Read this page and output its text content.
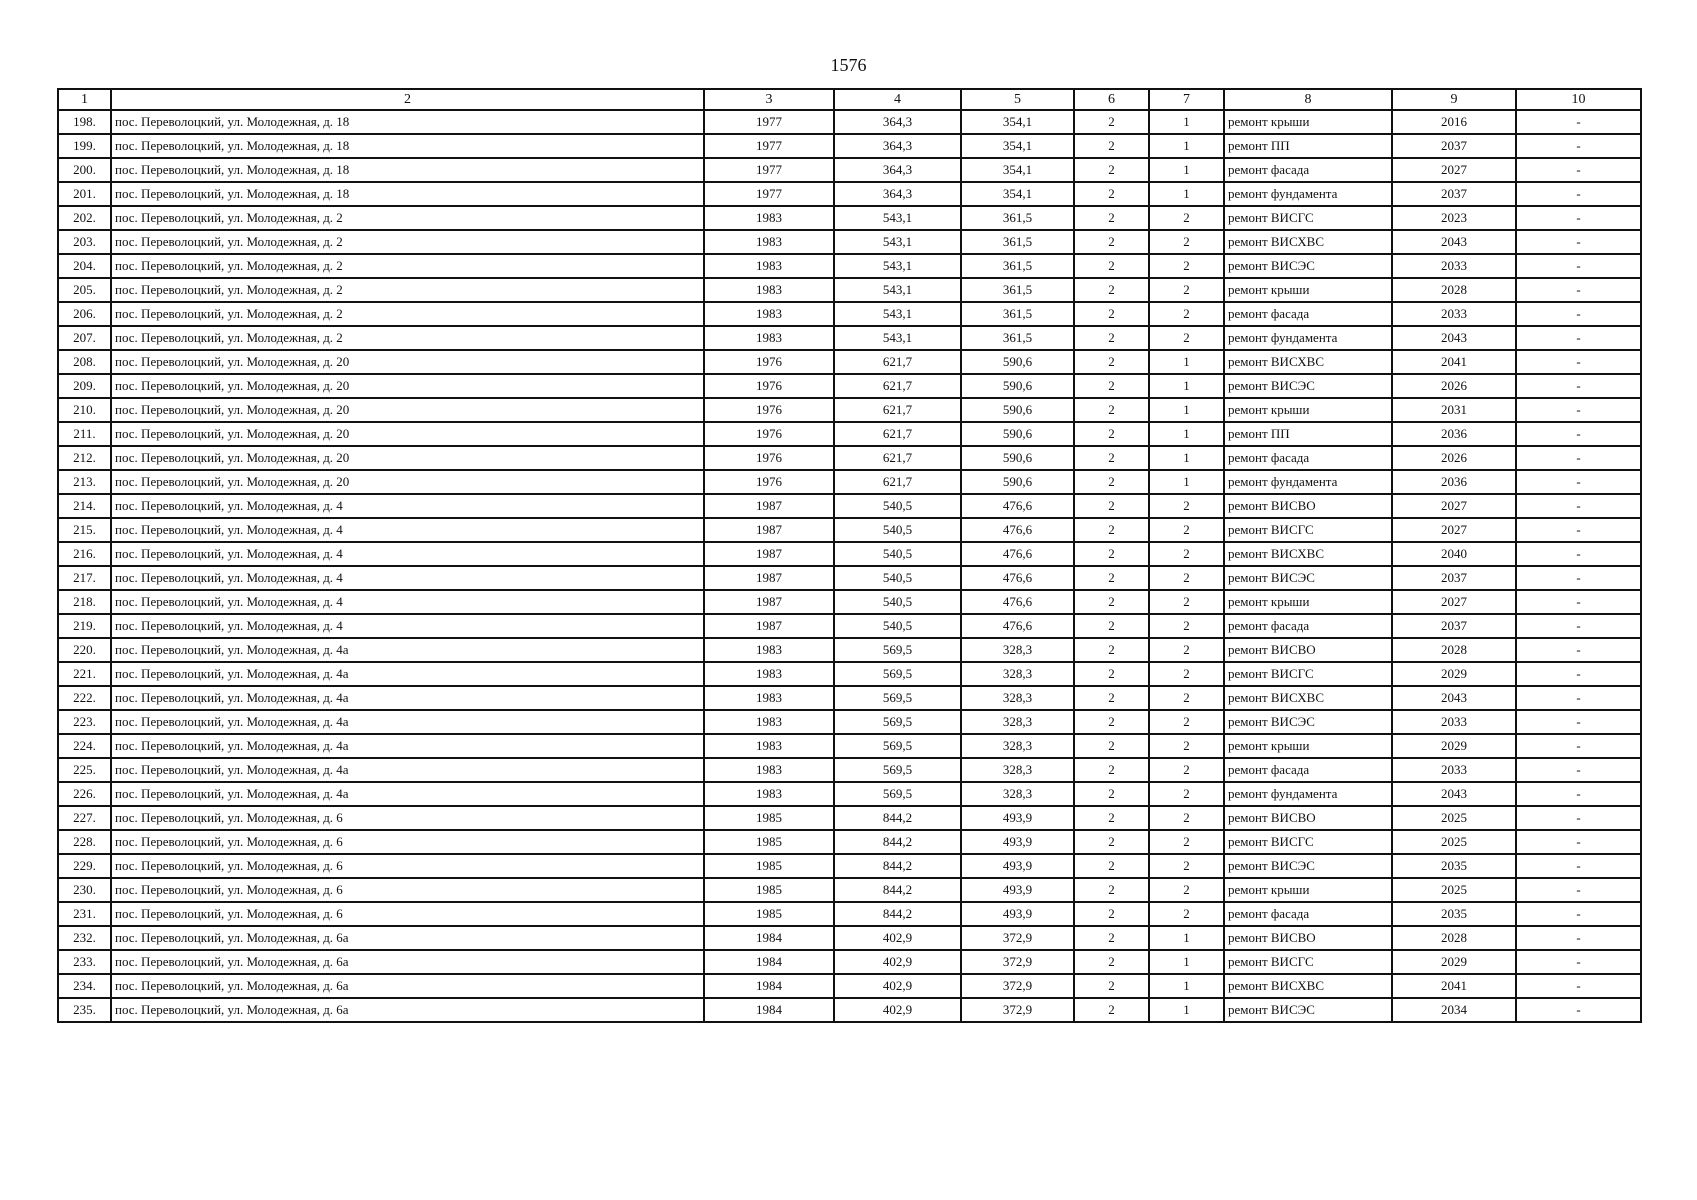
1576
1	2	3	4	5	6	7	8	9	10
198.	пос. Переволоцкий, ул. Молодежная, д. 18	1977	364,3	354,1	2	1	ремонт крыши	2016	-
199.	пос. Переволоцкий, ул. Молодежная, д. 18	1977	364,3	354,1	2	1	ремонт ПП	2037	-
200.	пос. Переволоцкий, ул. Молодежная, д. 18	1977	364,3	354,1	2	1	ремонт фасада	2027	-
201.	пос. Переволоцкий, ул. Молодежная, д. 18	1977	364,3	354,1	2	1	ремонт фундамента	2037	-
202.	пос. Переволоцкий, ул. Молодежная, д. 2	1983	543,1	361,5	2	2	ремонт ВИСГС	2023	-
203.	пос. Переволоцкий, ул. Молодежная, д. 2	1983	543,1	361,5	2	2	ремонт ВИСХВС	2043	-
204.	пос. Переволоцкий, ул. Молодежная, д. 2	1983	543,1	361,5	2	2	ремонт ВИСЭС	2033	-
205.	пос. Переволоцкий, ул. Молодежная, д. 2	1983	543,1	361,5	2	2	ремонт крыши	2028	-
206.	пос. Переволоцкий, ул. Молодежная, д. 2	1983	543,1	361,5	2	2	ремонт фасада	2033	-
207.	пос. Переволоцкий, ул. Молодежная, д. 2	1983	543,1	361,5	2	2	ремонт фундамента	2043	-
208.	пос. Переволоцкий, ул. Молодежная, д. 20	1976	621,7	590,6	2	1	ремонт ВИСХВС	2041	-
209.	пос. Переволоцкий, ул. Молодежная, д. 20	1976	621,7	590,6	2	1	ремонт ВИСЭС	2026	-
210.	пос. Переволоцкий, ул. Молодежная, д. 20	1976	621,7	590,6	2	1	ремонт крыши	2031	-
211.	пос. Переволоцкий, ул. Молодежная, д. 20	1976	621,7	590,6	2	1	ремонт ПП	2036	-
212.	пос. Переволоцкий, ул. Молодежная, д. 20	1976	621,7	590,6	2	1	ремонт фасада	2026	-
213.	пос. Переволоцкий, ул. Молодежная, д. 20	1976	621,7	590,6	2	1	ремонт фундамента	2036	-
214.	пос. Переволоцкий, ул. Молодежная, д. 4	1987	540,5	476,6	2	2	ремонт ВИСВО	2027	-
215.	пос. Переволоцкий, ул. Молодежная, д. 4	1987	540,5	476,6	2	2	ремонт ВИСГС	2027	-
216.	пос. Переволоцкий, ул. Молодежная, д. 4	1987	540,5	476,6	2	2	ремонт ВИСХВС	2040	-
217.	пос. Переволоцкий, ул. Молодежная, д. 4	1987	540,5	476,6	2	2	ремонт ВИСЭС	2037	-
218.	пос. Переволоцкий, ул. Молодежная, д. 4	1987	540,5	476,6	2	2	ремонт крыши	2027	-
219.	пос. Переволоцкий, ул. Молодежная, д. 4	1987	540,5	476,6	2	2	ремонт фасада	2037	-
220.	пос. Переволоцкий, ул. Молодежная, д. 4а	1983	569,5	328,3	2	2	ремонт ВИСВО	2028	-
221.	пос. Переволоцкий, ул. Молодежная, д. 4а	1983	569,5	328,3	2	2	ремонт ВИСГС	2029	-
222.	пос. Переволоцкий, ул. Молодежная, д. 4а	1983	569,5	328,3	2	2	ремонт ВИСХВС	2043	-
223.	пос. Переволоцкий, ул. Молодежная, д. 4а	1983	569,5	328,3	2	2	ремонт ВИСЭС	2033	-
224.	пос. Переволоцкий, ул. Молодежная, д. 4а	1983	569,5	328,3	2	2	ремонт крыши	2029	-
225.	пос. Переволоцкий, ул. Молодежная, д. 4а	1983	569,5	328,3	2	2	ремонт фасада	2033	-
226.	пос. Переволоцкий, ул. Молодежная, д. 4а	1983	569,5	328,3	2	2	ремонт фундамента	2043	-
227.	пос. Переволоцкий, ул. Молодежная, д. 6	1985	844,2	493,9	2	2	ремонт ВИСВО	2025	-
228.	пос. Переволоцкий, ул. Молодежная, д. 6	1985	844,2	493,9	2	2	ремонт ВИСГС	2025	-
229.	пос. Переволоцкий, ул. Молодежная, д. 6	1985	844,2	493,9	2	2	ремонт ВИСЭС	2035	-
230.	пос. Переволоцкий, ул. Молодежная, д. 6	1985	844,2	493,9	2	2	ремонт крыши	2025	-
231.	пос. Переволоцкий, ул. Молодежная, д. 6	1985	844,2	493,9	2	2	ремонт фасада	2035	-
232.	пос. Переволоцкий, ул. Молодежная, д. 6а	1984	402,9	372,9	2	1	ремонт ВИСВО	2028	-
233.	пос. Переволоцкий, ул. Молодежная, д. 6а	1984	402,9	372,9	2	1	ремонт ВИСГС	2029	-
234.	пос. Переволоцкий, ул. Молодежная, д. 6а	1984	402,9	372,9	2	1	ремонт ВИСХВС	2041	-
235.	пос. Переволоцкий, ул. Молодежная, д. 6а	1984	402,9	372,9	2	1	ремонт ВИСЭС	2034	-
